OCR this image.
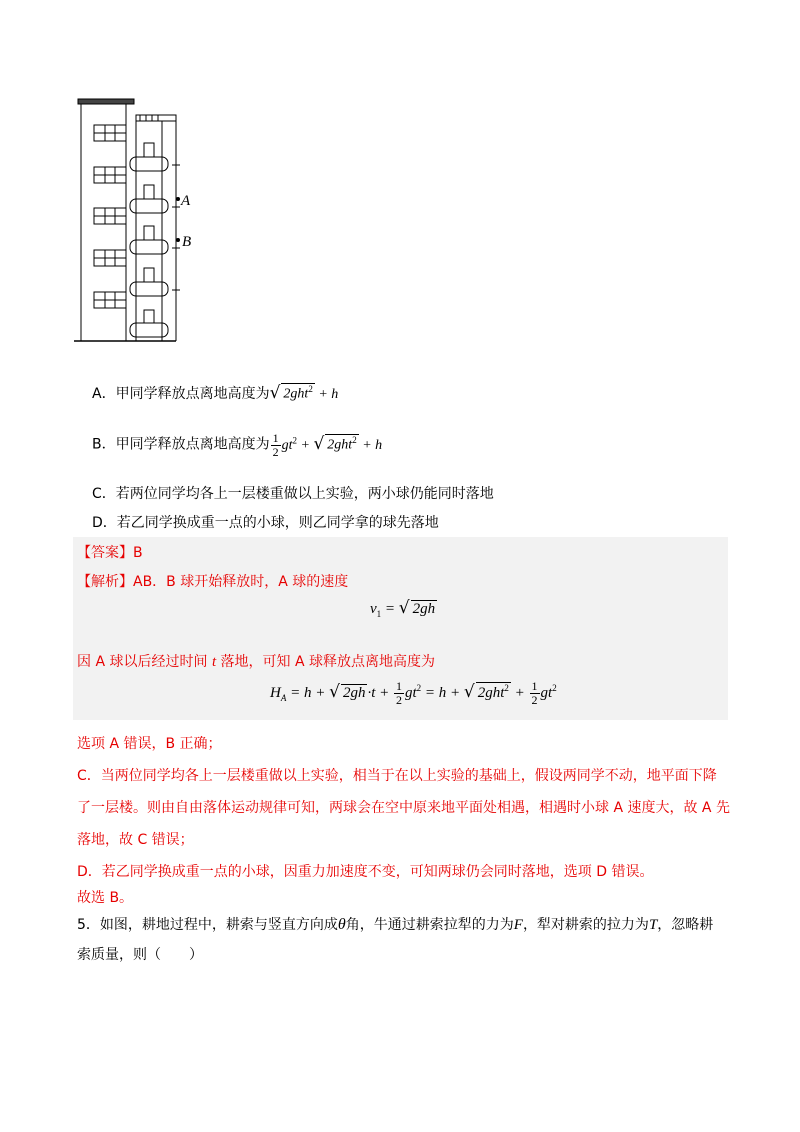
A
B
A．甲同学释放点离地高度为√ 2ght$^2$ + h
B．甲同学释放点离地高度为 $\frac{1}{2} gt^2$ + √ 2ght$^2$ + h
C．若两位同学均各上一层楼重做以上实验，两小球仍能同时落地
D．若乙同学换成重一点的小球，则乙同学拿的球先落地
【答案】B
【解析】AB．B 球开始释放时，A 球的速度
$v_1$ = √ 2gh
因 A 球以后经过时间 t 落地，可知 A 球释放点离地高度为
$H_A = h$ + √ $2gh \cdot t + \frac{1}{2} gt^2 = h$ + √ $2ght^2 + \frac{1}{2} gt^2$
选项 A 错误，B 正确；
C．当两位同学均各上一层楼重做以上实验，相当于在以上实验的基础上，假设两同学不动，地平面下降
了一层楼。则由自由落体运动规律可知，两球会在空中原来地平面处相遇，相遇时小球 A 速度大，故 A 先
落地，故 C 错误；
D．若乙同学换成重一点的小球，因重力加速度不变，可知两球仍会同时落地，选项 D 错误。
故选 B。
5．如图，耕地过程中，耕索与竖直方向成θ角，牛通过耕索拉犁的力为F，犁对耕索的拉力为T，忽略耕
索质量，则（　　）
